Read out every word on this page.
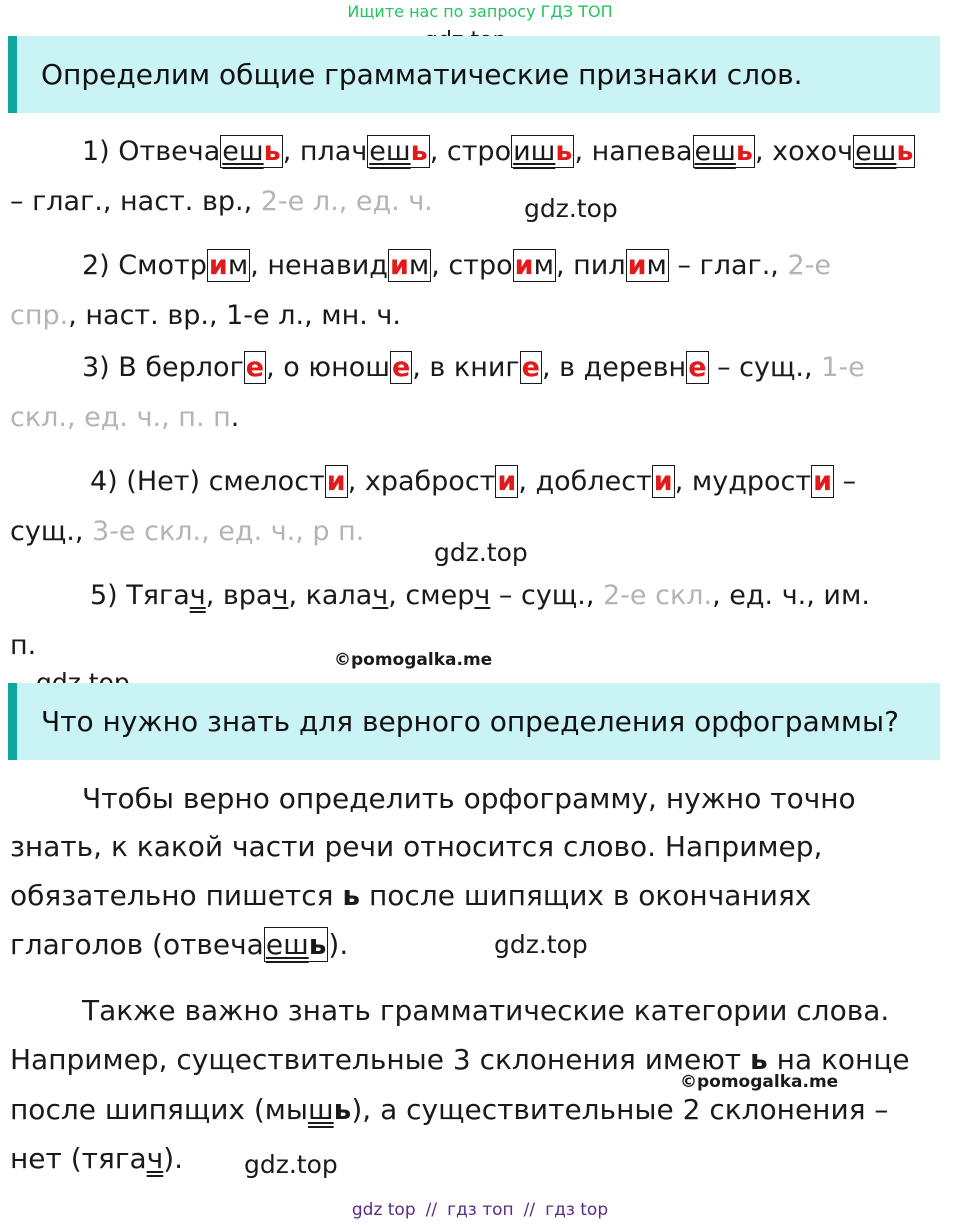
Ищите нас по запросу ГДЗ ТОП
Определим общие грамматические признаки слов.
1) Отвечаешь, плачешь, строишь, напеваешь, хохочешь
– глаг., наст. вр., 2-е л., ед. ч.	gdz.top
2) Смотрим, ненавидим, строим, пилим – глаг., 2-е
спр., наст. вр., 1-е л., мн. ч.
3) В берлоге, о юноше, в книге, в деревне – сущ., 1-е
скл., ед. ч., п. п.
4) (Нет) смелости, храбрости, доблести, мудрости –
сущ., 3-е скл., ед. ч., р п.
gdz.top
5) Тягач, врач, калач, смерч – сущ., 2-е скл., ед. ч., им.
п.	©pomogalka.me
Что нужно знать для верного определения орфограммы?
Чтобы верно определить орфограмму, нужно точно
знать, к какой части речи относится слово. Например,
обязательно пишется ь после шипящих в окончаниях
глаголов (отвечаешь).	gdz.top
Также важно знать грамматические категории слова.
Например, существительные 3 склонения имеют ь на конце
©pomogalka.me
после шипящих (мышь), а существительные 2 склонения –
нет (тягач). gdz.top
gdz top // гдз топ // гдз top
